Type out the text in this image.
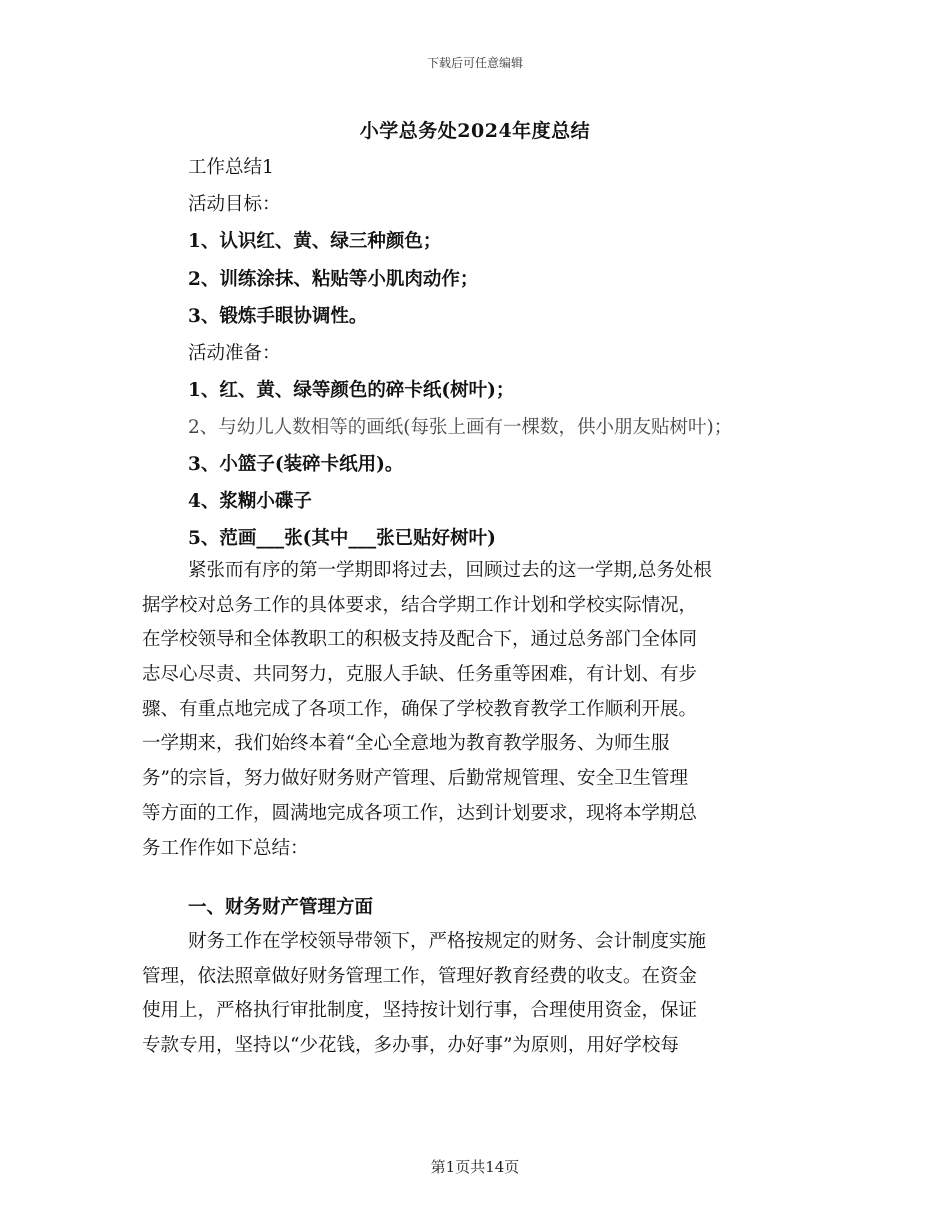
下载后可任意编辑
小学总务处2024年度总结
工作总结1
活动目标：
1、认识红、黄、绿三种颜色；
2、训练涂抹、粘贴等小肌肉动作；
3、锻炼手眼协调性。
活动准备：
1、红、黄、绿等颜色的碎卡纸(树叶)；
2、与幼儿人数相等的画纸(每张上画有一棵数，供小朋友贴树叶)；
3、小篮子(装碎卡纸用)。
4、浆糊小碟子
5、范画___张(其中___张已贴好树叶)
紧张而有序的第一学期即将过去，回顾过去的这一学期,总务处根
据学校对总务工作的具体要求，结合学期工作计划和学校实际情况，
在学校领导和全体教职工的积极支持及配合下，通过总务部门全体同
志尽心尽责、共同努力，克服人手缺、任务重等困难，有计划、有步
骤、有重点地完成了各项工作，确保了学校教育教学工作顺利开展。
一学期来，我们始终本着“全心全意地为教育教学服务、为师生服
务”的宗旨，努力做好财务财产管理、后勤常规管理、安全卫生管理
等方面的工作，圆满地完成各项工作，达到计划要求，现将本学期总
务工作作如下总结：
一、财务财产管理方面
财务工作在学校领导带领下，严格按规定的财务、会计制度实施
管理，依法照章做好财务管理工作，管理好教育经费的收支。在资金
使用上，严格执行审批制度，坚持按计划行事，合理使用资金，保证
专款专用，坚持以“少花钱，多办事，办好事”为原则，用好学校每
第1页共14页
